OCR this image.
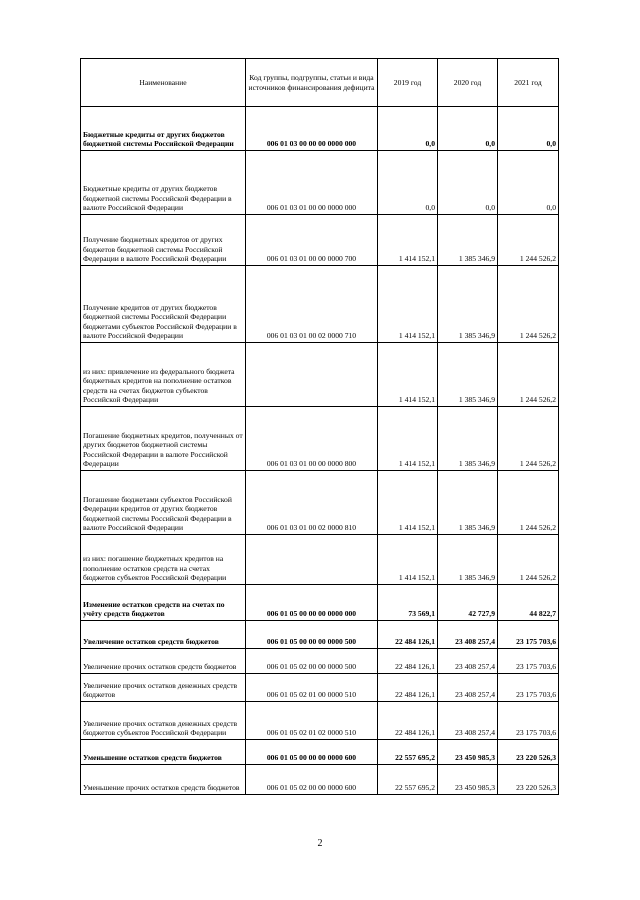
Наименование	Код группы, подгруппы, статьи и вида источников финансирования дефицита	2019 год	2020 год	2021 год
Бюджетные кредиты от других бюджетов бюджетной системы Российской Федерации	006 01 03 00 00 00 0000 000	0,0	0,0	0,0
Бюджетные кредиты от других бюджетов бюджетной системы Российской Федерации в валюте Российской Федерации	006 01 03 01 00 00 0000 000	0,0	0,0	0,0
Получение бюджетных кредитов от других бюджетов бюджетной системы Российской Федерации в валюте Российской Федерации	006 01 03 01 00 00 0000 700	1 414 152,1	1 385 346,9	1 244 526,2
Получение кредитов от других бюджетов бюджетной системы Российской Федерации бюджетами субъектов Российской Федерации в валюте Российской Федерации	006 01 03 01 00 02 0000 710	1 414 152,1	1 385 346,9	1 244 526,2
из них: привлечение из федерального бюджета бюджетных кредитов на пополнение остатков средств на счетах бюджетов субъектов Российской Федерации		1 414 152,1	1 385 346,9	1 244 526,2
Погашение бюджетных кредитов, полученных от других бюджетов бюджетной системы Российской Федерации в валюте Российской Федерации	006 01 03 01 00 00 0000 800	1 414 152,1	1 385 346,9	1 244 526,2
Погашение бюджетами субъектов Российской Федерации кредитов от других бюджетов бюджетной системы Российской Федерации в валюте Российской Федерации	006 01 03 01 00 02 0000 810	1 414 152,1	1 385 346,9	1 244 526,2
из них: погашение бюджетных кредитов на пополнение остатков средств на счетах бюджетов субъектов Российской Федерации		1 414 152,1	1 385 346,9	1 244 526,2
Изменение остатков средств на счетах по учёту средств бюджетов	006 01 05 00 00 00 0000 000	73 569,1	42 727,9	44 822,7
Увеличение остатков средств бюджетов	006 01 05 00 00 00 0000 500	22 484 126,1	23 408 257,4	23 175 703,6
Увеличение прочих остатков средств бюджетов	006 01 05 02 00 00 0000 500	22 484 126,1	23 408 257,4	23 175 703,6
Увеличение прочих остатков денежных средств бюджетов	006 01 05 02 01 00 0000 510	22 484 126,1	23 408 257,4	23 175 703,6
Увеличение прочих остатков денежных средств бюджетов субъектов Российской Федерации	006 01 05 02 01 02 0000 510	22 484 126,1	23 408 257,4	23 175 703,6
Уменьшение остатков средств бюджетов	006 01 05 00 00 00 0000 600	22 557 695,2	23 450 985,3	23 220 526,3
Уменьшение прочих остатков средств бюджетов	006 01 05 02 00 00 0000 600	22 557 695,2	23 450 985,3	23 220 526,3
2
